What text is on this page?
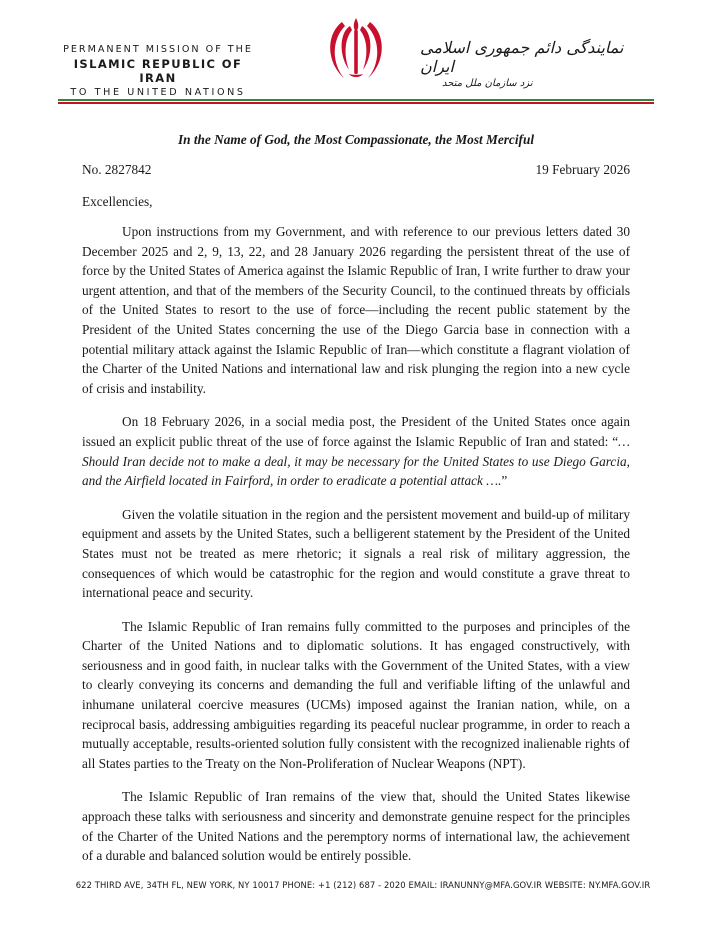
PERMANENT MISSION OF THE
ISLAMIC REPUBLIC OF IRAN
TO THE UNITED NATIONS
نمایندگی دائم جمهوری اسلامی ایران
نزد سازمان ملل متحد
In the Name of God, the Most Compassionate, the Most Merciful
No. 2827842	19 February 2026
Excellencies,

Upon instructions from my Government, and with reference to our previous letters dated 30 December 2025 and 2, 9, 13, 22, and 28 January 2026 regarding the persistent threat of the use of force by the United States of America against the Islamic Republic of Iran, I write further to draw your urgent attention, and that of the members of the Security Council, to the continued threats by officials of the United States to resort to the use of force—including the recent public statement by the President of the United States concerning the use of the Diego Garcia base in connection with a potential military attack against the Islamic Republic of Iran—which constitute a flagrant violation of the Charter of the United Nations and international law and risk plunging the region into a new cycle of crisis and instability.

On 18 February 2026, in a social media post, the President of the United States once again issued an explicit public threat of the use of force against the Islamic Republic of Iran and stated: “… Should Iran decide not to make a deal, it may be necessary for the United States to use Diego Garcia, and the Airfield located in Fairford, in order to eradicate a potential attack ….”

Given the volatile situation in the region and the persistent movement and build-up of military equipment and assets by the United States, such a belligerent statement by the President of the United States must not be treated as mere rhetoric; it signals a real risk of military aggression, the consequences of which would be catastrophic for the region and would constitute a grave threat to international peace and security.

The Islamic Republic of Iran remains fully committed to the purposes and principles of the Charter of the United Nations and to diplomatic solutions. It has engaged constructively, with seriousness and in good faith, in nuclear talks with the Government of the United States, with a view to clearly conveying its concerns and demanding the full and verifiable lifting of the unlawful and inhumane unilateral coercive measures (UCMs) imposed against the Iranian nation, while, on a reciprocal basis, addressing ambiguities regarding its peaceful nuclear programme, in order to reach a mutually acceptable, results-oriented solution fully consistent with the recognized inalienable rights of all States parties to the Treaty on the Non-Proliferation of Nuclear Weapons (NPT).

The Islamic Republic of Iran remains of the view that, should the United States likewise approach these talks with seriousness and sincerity and demonstrate genuine respect for the principles of the Charter of the United Nations and the peremptory norms of international law, the achievement of a durable and balanced solution would be entirely possible.

622 THIRD AVE, 34TH FL, NEW YORK, NY 10017 PHONE: +1 (212) 687 - 2020 EMAIL: IRANUNNY@MFA.GOV.IR WEBSITE: NY.MFA.GOV.IR
